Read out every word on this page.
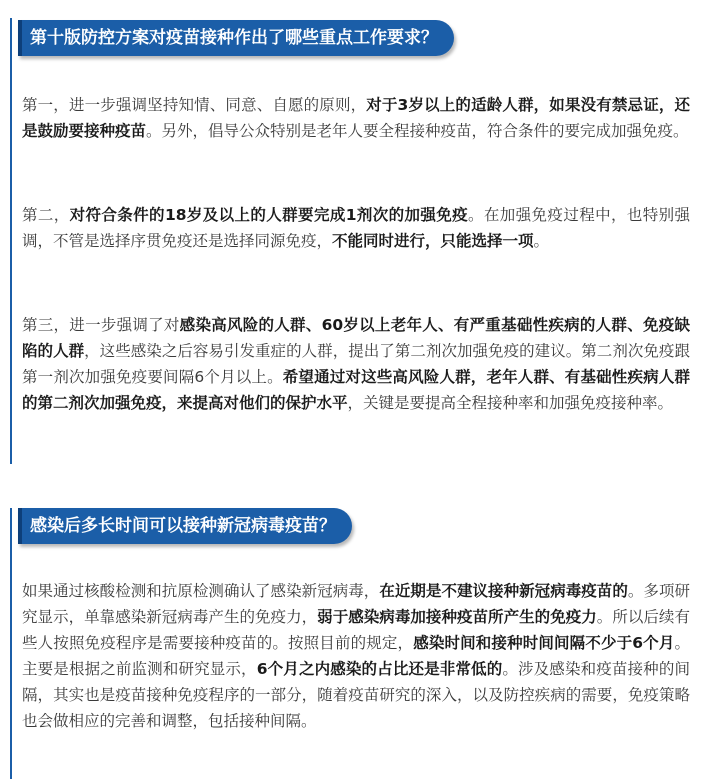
第十版防控方案对疫苗接种作出了哪些重点工作要求？

第一，进一步强调坚持知情、同意、自愿的原则，对于3岁以上的适龄人群，如果没有禁忌证，还是鼓励要接种疫苗。另外，倡导公众特别是老年人要全程接种疫苗，符合条件的要完成加强免疫。

第二，对符合条件的18岁及以上的人群要完成1剂次的加强免疫。在加强免疫过程中，也特别强调，不管是选择序贯免疫还是选择同源免疫，不能同时进行，只能选择一项。

第三，进一步强调了对感染高风险的人群、60岁以上老年人、有严重基础性疾病的人群、免疫缺陷的人群，这些感染之后容易引发重症的人群，提出了第二剂次加强免疫的建议。第二剂次免疫跟第一剂次加强免疫要间隔6个月以上。希望通过对这些高风险人群，老年人群、有基础性疾病人群的第二剂次加强免疫，来提高对他们的保护水平，关键是要提高全程接种率和加强免疫接种率。

感染后多长时间可以接种新冠病毒疫苗？

如果通过核酸检测和抗原检测确认了感染新冠病毒，在近期是不建议接种新冠病毒疫苗的。多项研究显示，单靠感染新冠病毒产生的免疫力，弱于感染病毒加接种疫苗所产生的免疫力。所以后续有些人按照免疫程序是需要接种疫苗的。按照目前的规定，感染时间和接种时间间隔不少于6个月。主要是根据之前监测和研究显示，6个月之内感染的占比还是非常低的。涉及感染和疫苗接种的间隔，其实也是疫苗接种免疫程序的一部分，随着疫苗研究的深入，以及防控疾病的需要，免疫策略也会做相应的完善和调整，包括接种间隔。
